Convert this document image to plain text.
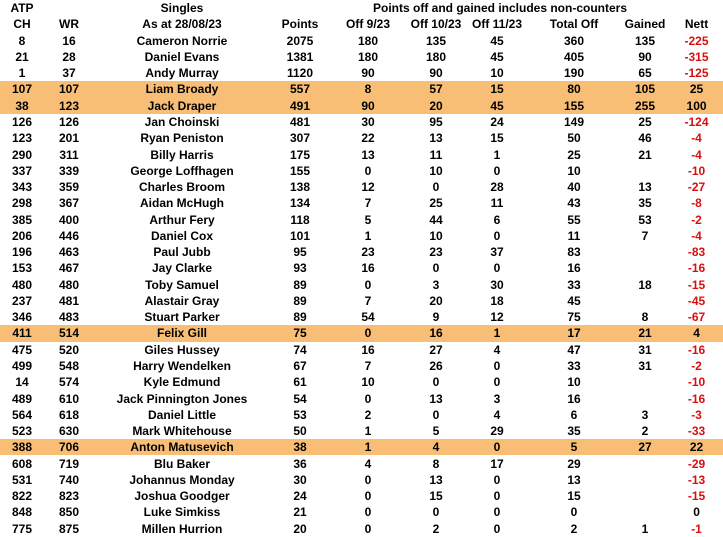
ATP		Singles		Points off and gained includes non-counters					
CH	WR	As at 28/08/23	Points	Off 9/23	Off 10/23	Off 11/23	Total Off	Gained	Nett
8	16	Cameron Norrie	2075	180	135	45	360	135	-225
21	28	Daniel Evans	1381	180	180	45	405	90	-315
1	37	Andy Murray	1120	90	90	10	190	65	-125
107	107	Liam Broady	557	8	57	15	80	105	25
38	123	Jack Draper	491	90	20	45	155	255	100
126	126	Jan Choinski	481	30	95	24	149	25	-124
123	201	Ryan Peniston	307	22	13	15	50	46	-4
290	311	Billy Harris	175	13	11	1	25	21	-4
337	339	George Loffhagen	155	0	10	0	10		-10
343	359	Charles Broom	138	12	0	28	40	13	-27
298	367	Aidan McHugh	134	7	25	11	43	35	-8
385	400	Arthur Fery	118	5	44	6	55	53	-2
206	446	Daniel Cox	101	1	10	0	11	7	-4
196	463	Paul Jubb	95	23	23	37	83		-83
153	467	Jay Clarke	93	16	0	0	16		-16
480	480	Toby Samuel	89	0	3	30	33	18	-15
237	481	Alastair Gray	89	7	20	18	45		-45
346	483	Stuart Parker	89	54	9	12	75	8	-67
411	514	Felix Gill	75	0	16	1	17	21	4
475	520	Giles Hussey	74	16	27	4	47	31	-16
499	548	Harry Wendelken	67	7	26	0	33	31	-2
14	574	Kyle Edmund	61	10	0	0	10		-10
489	610	Jack Pinnington Jones	54	0	13	3	16		-16
564	618	Daniel Little	53	2	0	4	6	3	-3
523	630	Mark Whitehouse	50	1	5	29	35	2	-33
388	706	Anton Matusevich	38	1	4	0	5	27	22
608	719	Blu Baker	36	4	8	17	29		-29
531	740	Johannus Monday	30	0	13	0	13		-13
822	823	Joshua Goodger	24	0	15	0	15		-15
848	850	Luke Simkiss	21	0	0	0	0		0
775	875	Millen Hurrion	20	0	2	0	2	1	-1
